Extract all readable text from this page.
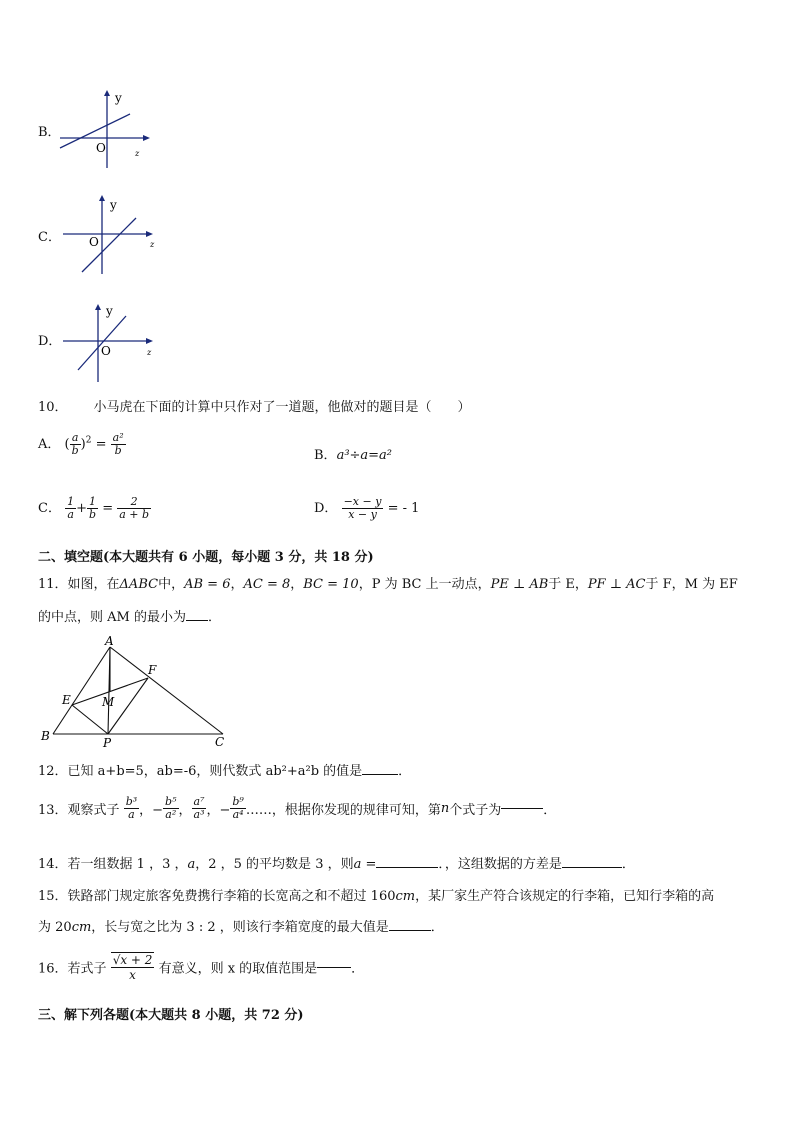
B．
y
z
O
C．
y
z
O
D．
y
z
O
10． 小马虎在下面的计算中只作对了一道题，他做对的题目是（　　）
A． ( $\frac{a}{b} )^2 = \frac{\text{a²}}{b}$	B．a³÷a=a²
C． $\frac{1}{a} + \frac{1}{b} = \frac{2}{a + b}$	D． $\frac{-x - y}{x - y}$ = - 1
二、填空题(本大题共有 6 小题，每小题 3 分，共 18 分)
11．如图，在ΔABC中，AB = 6，AC = 8，BC = 10，P 为 BC 上一动点，PE ⊥ AB于 E，PF ⊥ AC于 F，M 为 EF
的中点，则 AM 的最小为 ．
A
B	C
E
F
M
P
12．已知 a+b=5，ab=-6，则代数式 ab²+a²b 的值是	．
13．观察式子 $\frac{\text{b³}}{a}$ ，− $\frac{\text{b⁵}}{\text{a²}}$ ， $\frac{\text{a⁷}}{\text{a³}}$ ，− $\frac{\text{b⁹}}{\text{a⁴}}$ ……，根据你发现的规律可知，第n个式子为	．
14．若一组数据 1 ，3 ，a，2 ，5 的平均数是 3 ，则a =	．，这组数据的方差是	．
15．铁路部门规定旅客免费携行李箱的长宽高之和不超过 160cm，某厂家生产符合该规定的行李箱，已知行李箱的高
为 20cm，长与宽之比为 3 : 2 ，则该行李箱宽度的最大值是	．
16．若式子 $\frac{√x + 2}{x}$ 有意义，则 x 的取值范围是	．
三、解下列各题(本大题共 8 小题，共 72 分)
